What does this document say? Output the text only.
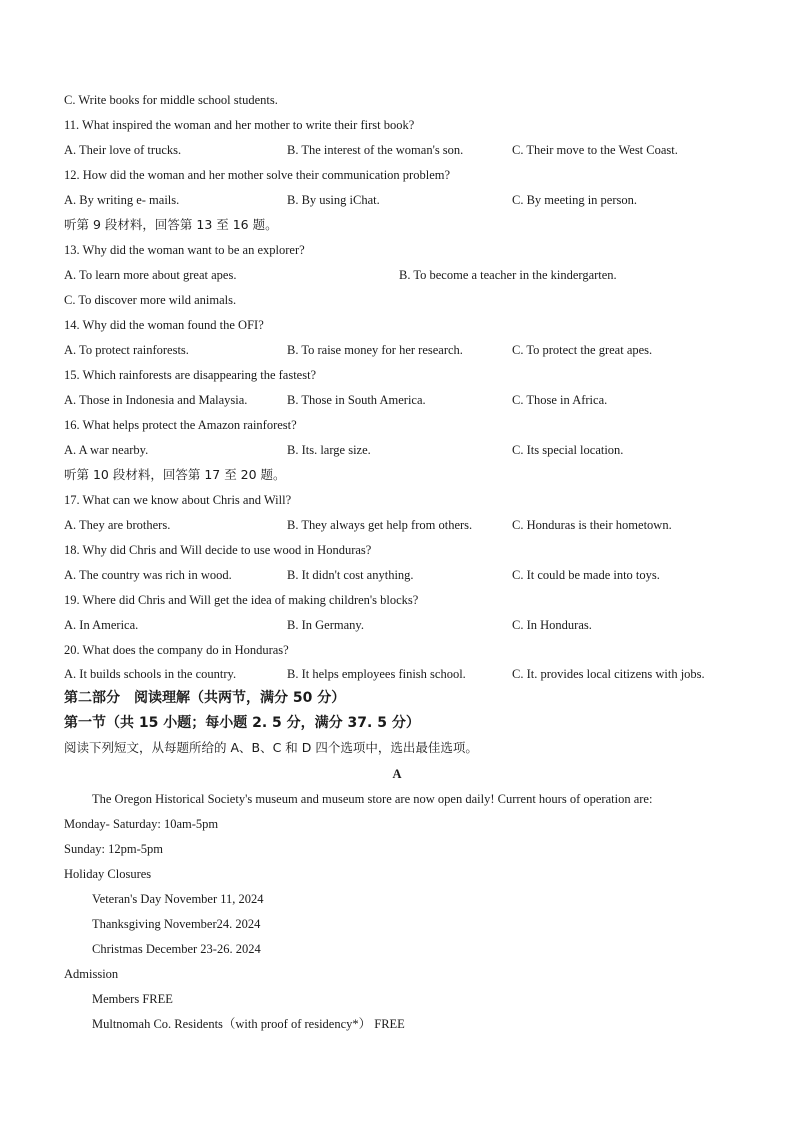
C. Write books for middle school students.
11. What inspired the woman and her mother to write their first book?
A. Their love of trucks.	B. The interest of the woman's son.	C. Their move to the West Coast.
12. How did the woman and her mother solve their communication problem?
A. By writing e- mails.	B. By using iChat.	C. By meeting in person.
听第 9 段材料，回答第 13 至 16 题。
13. Why did the woman want to be an explorer?
A. To learn more about great apes.	B. To become a teacher in the kindergarten.
C. To discover more wild animals.
14. Why did the woman found the OFI?
A. To protect rainforests.	B. To raise money for her research.	C. To protect the great apes.
15. Which rainforests are disappearing the fastest?
A. Those in Indonesia and Malaysia.	B. Those in South America.	C. Those in Africa.
16. What helps protect the Amazon rainforest?
A. A war nearby.	B. Its. large size.	C. Its special location.
听第 10 段材料，回答第 17 至 20 题。
17. What can we know about Chris and Will?
A. They are brothers.	B. They always get help from others.	C. Honduras is their hometown.
18. Why did Chris and Will decide to use wood in Honduras?
A. The country was rich in wood.	B. It didn't cost anything.	C. It could be made into toys.
19. Where did Chris and Will get the idea of making children's blocks?
A. In America.	B. In Germany.	C. In Honduras.
20. What does the company do in Honduras?
A. It builds schools in the country.	B. It helps employees finish school.	C. It. provides local citizens with jobs.
第二部分　阅读理解（共两节，满分 50 分）
第一节（共 15 小题；每小题 2. 5 分，满分 37. 5 分）
阅读下列短文，从每题所给的 A、B、C 和 D 四个选项中，选出最佳选项。
A
The Oregon Historical Society's museum and museum store are now open daily! Current hours of operation are:
Monday- Saturday: 10am-5pm
Sunday: 12pm-5pm
Holiday Closures
Veteran's Day November 11, 2024
Thanksgiving November24. 2024
Christmas December 23-26. 2024
Admission
Members FREE
Multnomah Co. Residents（with proof of residency*） FREE
